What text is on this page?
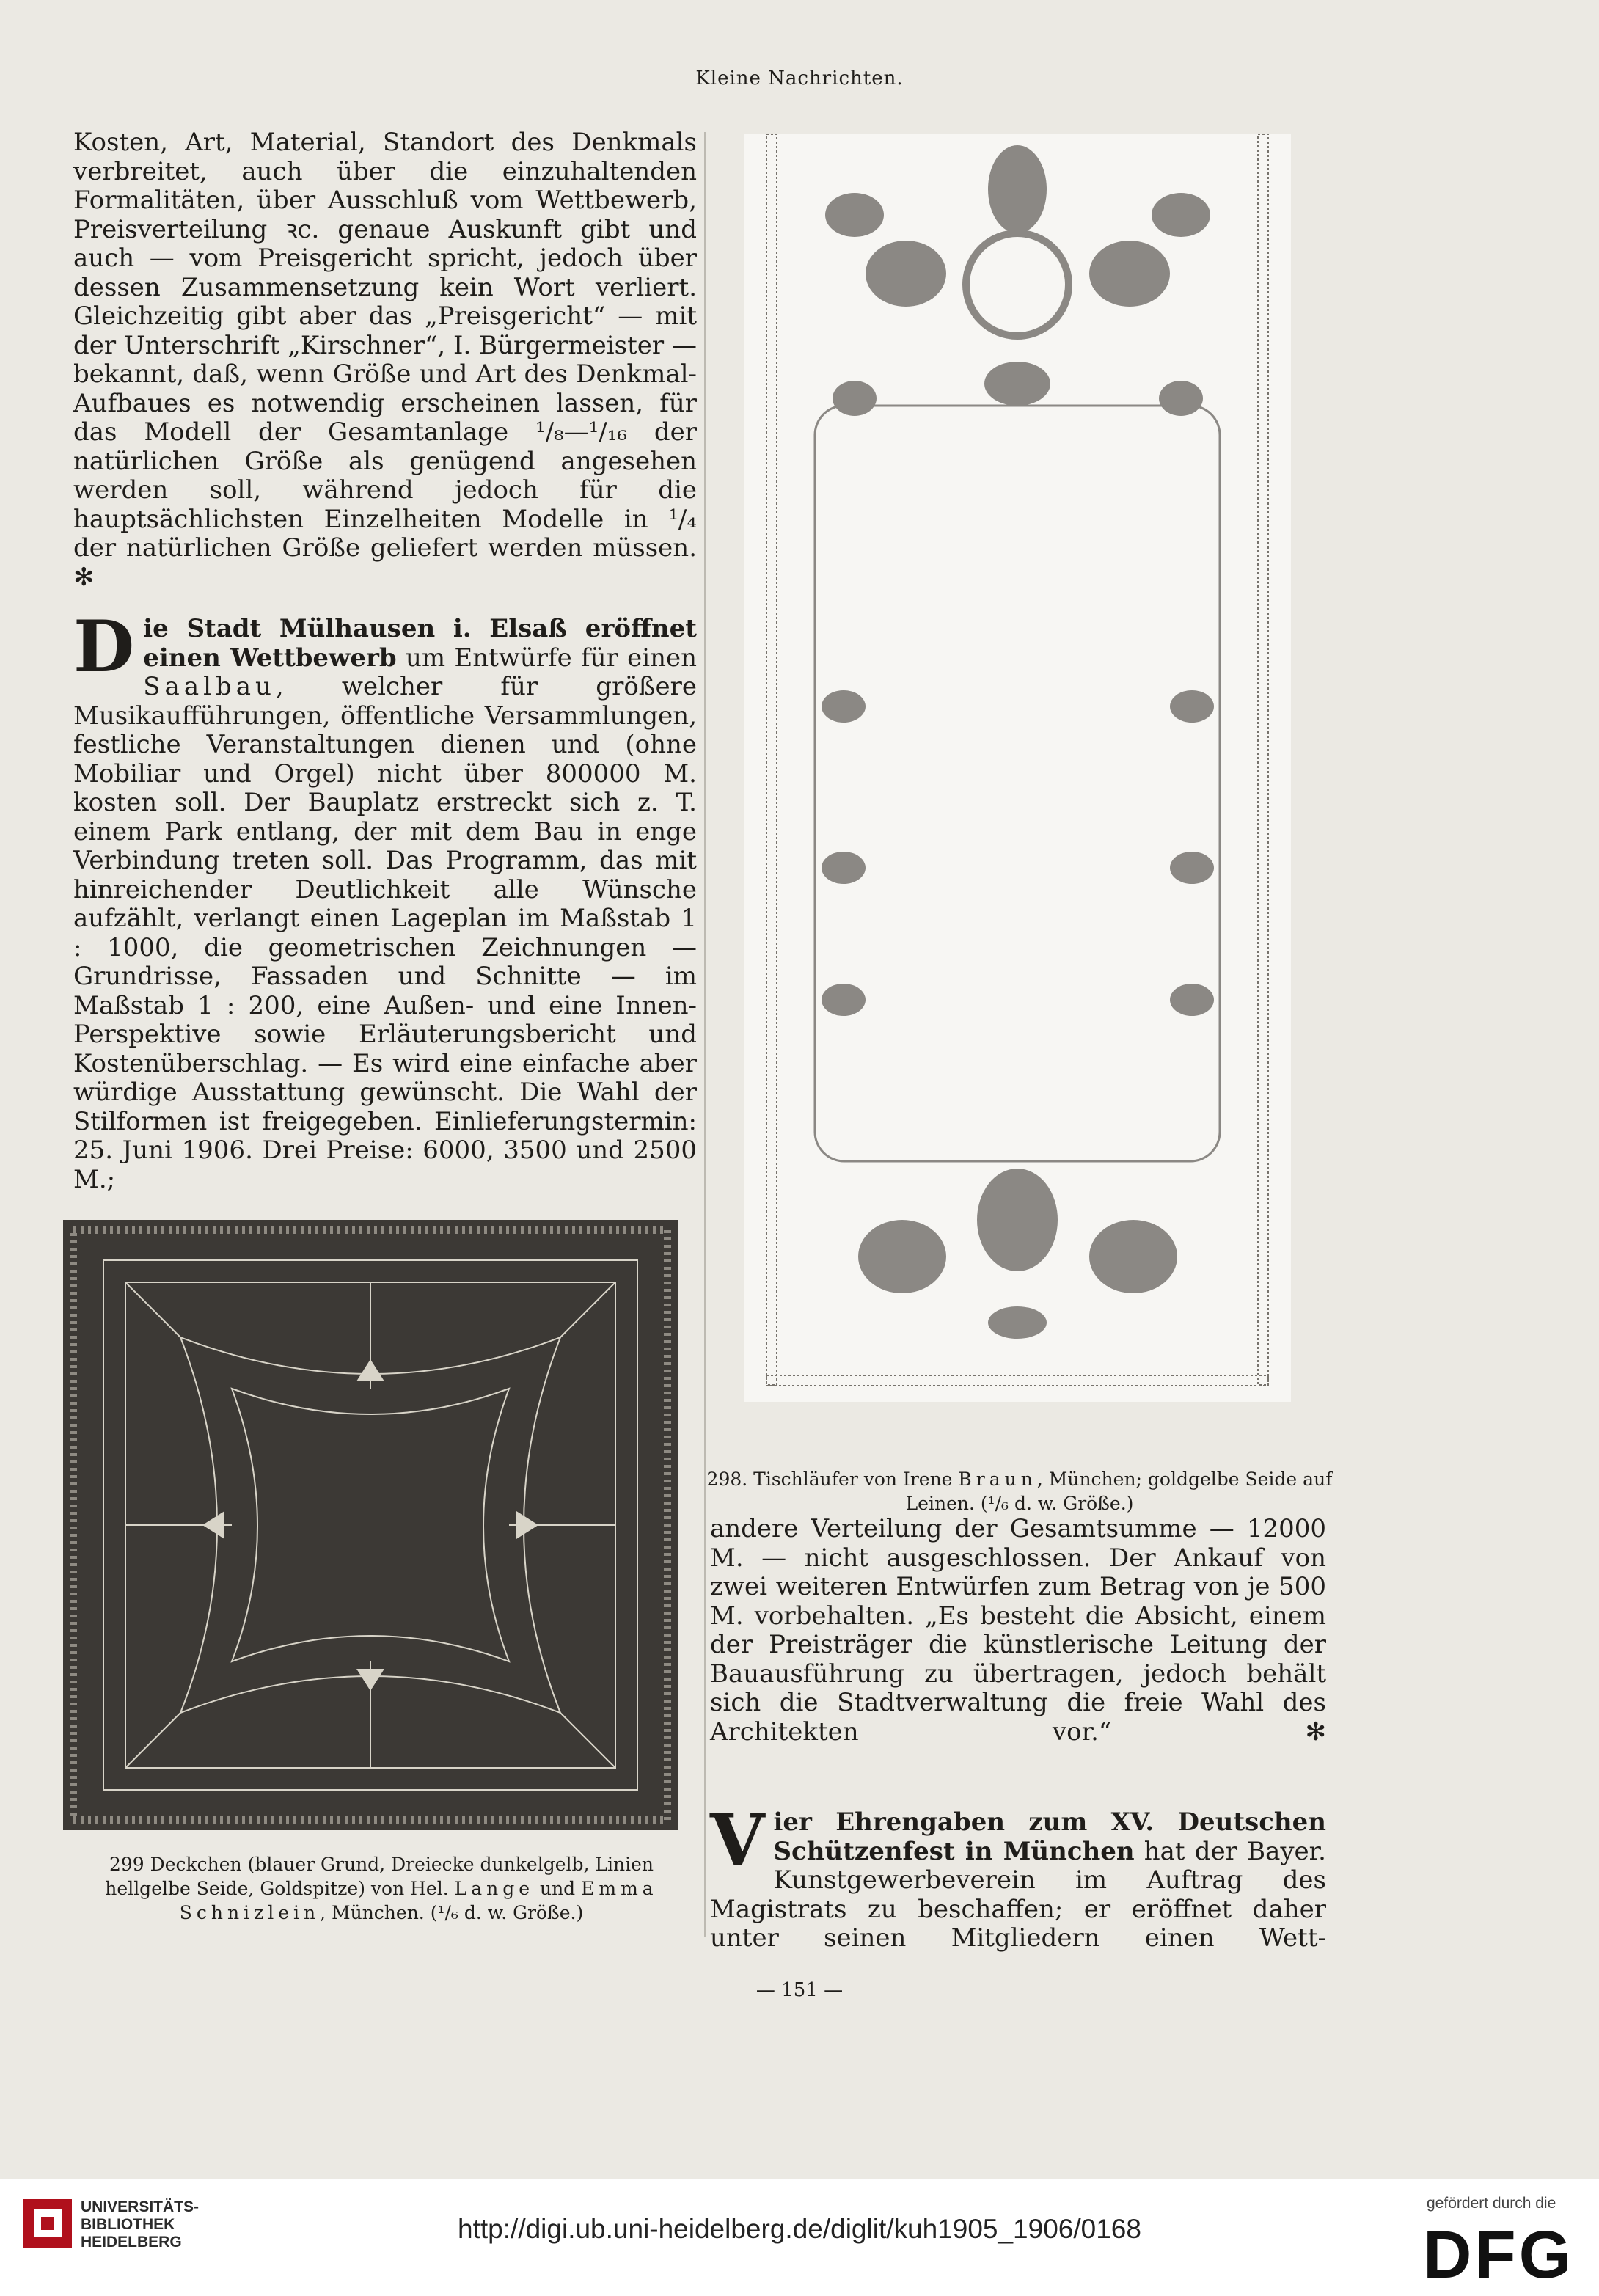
Kleine Nachrichten.

Kosten, Art, Material, Standort des Denkmals verbreitet, auch über die einzuhaltenden Formalitäten, über Ausschluß vom Wettbewerb, Preisverteilung ꝛc. genaue Auskunft gibt und auch — vom Preisgericht spricht, jedoch über dessen Zusammensetzung kein Wort verliert. Gleichzeitig gibt aber das „Preisgericht“ — mit der Unterschrift „Kirschner“, I. Bürgermeister — bekannt, daß, wenn Größe und Art des Denkmal-Aufbaues es notwendig erscheinen lassen, für das Modell der Gesamtanlage ¹/₈—¹/₁₆ der natürlichen Größe als genügend angesehen werden soll, während jedoch für die hauptsächlichsten Einzelheiten Modelle in ¹/₄ der natürlichen Größe geliefert werden müssen. ✻

Die Stadt Mülhausen i. Elsaß eröffnet einen Wettbewerb um Entwürfe für einen Saalbau, welcher für größere Musikaufführungen, öffentliche Versammlungen, festliche Veranstaltungen dienen und (ohne Mobiliar und Orgel) nicht über 800000 M. kosten soll. Der Bauplatz erstreckt sich z. T. einem Park entlang, der mit dem Bau in enge Verbindung treten soll. Das Programm, das mit hinreichender Deutlichkeit alle Wünsche aufzählt, verlangt einen Lageplan im Maßstab 1 : 1000, die geometrischen Zeichnungen — Grundrisse, Fassaden und Schnitte — im Maßstab 1 : 200, eine Außen- und eine Innen-Perspektive sowie Erläuterungsbericht und Kostenüberschlag. — Es wird eine einfache aber würdige Ausstattung gewünscht. Die Wahl der Stilformen ist freigegeben. Einlieferungstermin: 25. Juni 1906. Drei Preise: 6000, 3500 und 2500 M.;

298. Tischläufer von Irene Braun, München; goldgelbe Seide auf Leinen. (¹/₆ d. w. Größe.)

andere Verteilung der Gesamtsumme — 12000 M. — nicht ausgeschlossen. Der Ankauf von zwei weiteren Entwürfen zum Betrag von je 500 M. vorbehalten. „Es besteht die Absicht, einem der Preisträger die künstlerische Leitung der Bauausführung zu übertragen, jedoch behält sich die Stadtverwaltung die freie Wahl des Architekten vor.“ ✻

Vier Ehrengaben zum XV. Deutschen Schützenfest in München hat der Bayer. Kunstgewerbeverein im Auftrag des Magistrats zu beschaffen; er eröffnet daher unter seinen Mitgliedern einen Wett-

299 Deckchen (blauer Grund, Dreiecke dunkelgelb, Linien hellgelbe Seide, Goldspitze) von Hel. Lange und Emma Schnizlein, München. (¹/₆ d. w. Größe.)
— 151 —
UNIVERSITÄTS-
BIBLIOTHEK
HEIDELBERG	http://digi.ub.uni-heidelberg.de/diglit/kuh1905_1906/0168
gefördert durch die
DFG
